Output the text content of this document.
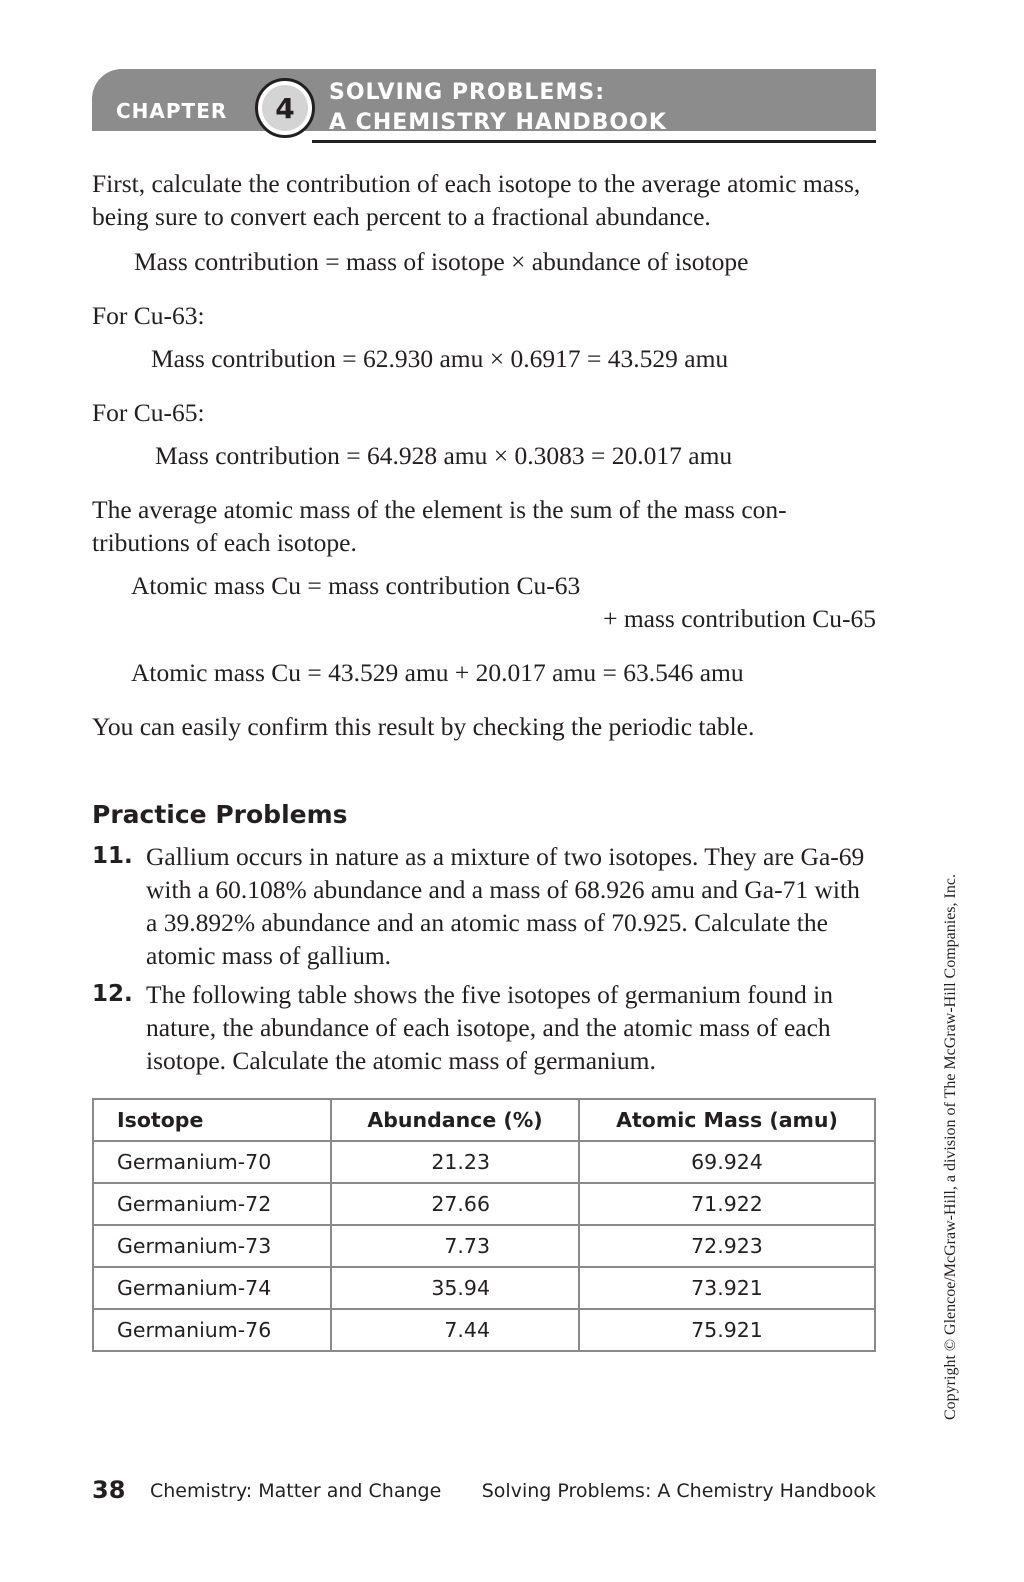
CHAPTER	4	SOLVING PROBLEMS:
A CHEMISTRY HANDBOOK

First, calculate the contribution of each isotope to the average atomic mass, being sure to convert each percent to a fractional abundance.

Mass contribution = mass of isotope × abundance of isotope

For Cu-63:

Mass contribution = 62.930 amu × 0.6917 = 43.529 amu

For Cu-65:

Mass contribution = 64.928 amu × 0.3083 = 20.017 amu

The average atomic mass of the element is the sum of the mass con-tributions of each isotope.

Atomic mass Cu = mass contribution Cu-63

+ mass contribution Cu-65

Atomic mass Cu = 43.529 amu + 20.017 amu = 63.546 amu

You can easily confirm this result by checking the periodic table.

Practice Problems
11. Gallium occurs in nature as a mixture of two isotopes. They are Ga-69 with a 60.108% abundance and a mass of 68.926 amu and Ga-71 with a 39.892% abundance and an atomic mass of 70.925. Calculate the atomic mass of gallium.
12. The following table shows the five isotopes of germanium found in nature, the abundance of each isotope, and the atomic mass of each isotope. Calculate the atomic mass of germanium.
Isotope	Abundance (%)	Atomic Mass (amu)
Germanium-70	21.23	69.924
Germanium-72	27.66	71.922
Germanium-73	7.73	72.923
Germanium-74	35.94	73.921
Germanium-76	7.44	75.921	Copyright © Glencoe/McGraw-Hill, a division of The McGraw-Hill Companies, Inc.
38 Chemistry: Matter and Change Solving Problems: A Chemistry Handbook
